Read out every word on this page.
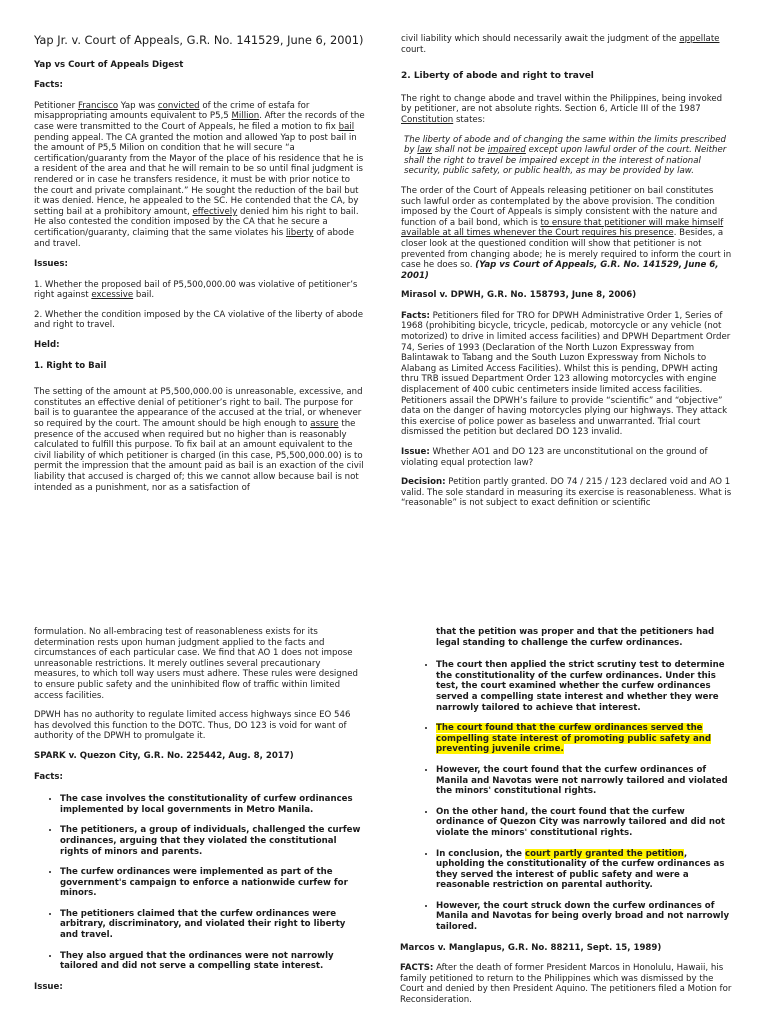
Yap Jr. v. Court of Appeals, G.R. No. 141529, June 6, 2001)
Yap vs Court of Appeals Digest
Facts:

Petitioner Francisco Yap was convicted of the crime of estafa for misappropriating amounts equivalent to P5,5 Million. After the records of the case were transmitted to the Court of Appeals, he filed a motion to fix bail pending appeal. The CA granted the motion and allowed Yap to post bail in the amount of P5,5 Milion on condition that he will secure “a certification/guaranty from the Mayor of the place of his residence that he is a resident of the area and that he will remain to be so until final judgment is rendered or in case he transfers residence, it must be with prior notice to the court and private complainant.” He sought the reduction of the bail but it was denied. Hence, he appealed to the SC. He contended that the CA, by setting bail at a prohibitory amount, effectively denied him his right to bail. He also contested the condition imposed by the CA that he secure a certification/guaranty, claiming that the same violates his liberty of abode and travel.

Issues:

1. Whether the proposed bail of P5,500,000.00 was violative of petitioner’s right against excessive bail.

2. Whether the condition imposed by the CA violative of the liberty of abode and right to travel.

Held:
1. Right to Bail

The setting of the amount at P5,500,000.00 is unreasonable, excessive, and constitutes an effective denial of petitioner’s right to bail. The purpose for bail is to guarantee the appearance of the accused at the trial, or whenever so required by the court. The amount should be high enough to assure the presence of the accused when required but no higher than is reasonably calculated to fulfill this purpose. To fix bail at an amount equivalent to the civil liability of which petitioner is charged (in this case, P5,500,000.00) is to permit the impression that the amount paid as bail is an exaction of the civil liability that accused is charged of; this we cannot allow because bail is not intended as a punishment, nor as a satisfaction of

civil liability which should necessarily await the judgment of the appellate court.

2. Liberty of abode and right to travel

The right to change abode and travel within the Philippines, being invoked by petitioner, are not absolute rights. Section 6, Article III of the 1987 Constitution states:

The liberty of abode and of changing the same within the limits prescribed by law shall not be impaired except upon lawful order of the court. Neither shall the right to travel be impaired except in the interest of national security, public safety, or public health, as may be provided by law.

The order of the Court of Appeals releasing petitioner on bail constitutes such lawful order as contemplated by the above provision. The condition imposed by the Court of Appeals is simply consistent with the nature and function of a bail bond, which is to ensure that petitioner will make himself available at all times whenever the Court requires his presence. Besides, a closer look at the questioned condition will show that petitioner is not prevented from changing abode; he is merely required to inform the court in case he does so. (Yap vs Court of Appeals, G.R. No. 141529, June 6, 2001)

Mirasol v. DPWH, G.R. No. 158793, June 8, 2006)

Facts: Petitioners filed for TRO for DPWH Administrative Order 1, Series of 1968 (prohibiting bicycle, tricycle, pedicab, motorcycle or any vehicle (not motorized) to drive in limited access facilities) and DPWH Department Order 74, Series of 1993 (Declaration of the North Luzon Expressway from Balintawak to Tabang and the South Luzon Expressway from Nichols to Alabang as Limited Access Facilities). Whilst this is pending, DPWH acting thru TRB issued Department Order 123 allowing motorcycles with engine displacement of 400 cubic centimeters inside limited access facilities. Petitioners assail the DPWH’s failure to provide “scientific” and “objective” data on the danger of having motorcycles plying our highways. They attack this exercise of police power as baseless and unwarranted. Trial court dismissed the petition but declared DO 123 invalid.

Issue: Whether AO1 and DO 123 are unconstitutional on the ground of violating equal protection law?

Decision: Petition partly granted. DO 74 / 215 / 123 declared void and AO 1 valid. The sole standard in measuring its exercise is reasonableness. What is “reasonable” is not subject to exact definition or scientific

formulation. No all-embracing test of reasonableness exists for its determination rests upon human judgment applied to the facts and circumstances of each particular case. We find that AO 1 does not impose unreasonable restrictions. It merely outlines several precautionary measures, to which toll way users must adhere. These rules were designed to ensure public safety and the uninhibited flow of traffic within limited access facilities.

DPWH has no authority to regulate limited access highways since EO 546 has devolved this function to the DOTC. Thus, DO 123 is void for want of authority of the DPWH to promulgate it.

SPARK v. Quezon City, G.R. No. 225442, Aug. 8, 2017)
Facts:
• The case involves the constitutionality of curfew ordinances implemented by local governments in Metro Manila.
• The petitioners, a group of individuals, challenged the curfew ordinances, arguing that they violated the constitutional rights of minors and parents.
• The curfew ordinances were implemented as part of the government's campaign to enforce a nationwide curfew for minors.
• The petitioners claimed that the curfew ordinances were arbitrary, discriminatory, and violated their right to liberty and travel.
• They also argued that the ordinances were not narrowly tailored and did not serve a compelling state interest.
Issue:

that the petition was proper and that the petitioners had legal standing to challenge the curfew ordinances.

• The court then applied the strict scrutiny test to determine the constitutionality of the curfew ordinances. Under this test, the court examined whether the curfew ordinances served a compelling state interest and whether they were narrowly tailored to achieve that interest.
• The court found that the curfew ordinances served the compelling state interest of promoting public safety and preventing juvenile crime.
• However, the court found that the curfew ordinances of Manila and Navotas were not narrowly tailored and violated the minors' constitutional rights.
• On the other hand, the court found that the curfew ordinance of Quezon City was narrowly tailored and did not violate the minors' constitutional rights.
• In conclusion, the court partly granted the petition, upholding the constitutionality of the curfew ordinances as they served the interest of public safety and were a reasonable restriction on parental authority.
• However, the court struck down the curfew ordinances of Manila and Navotas for being overly broad and not narrowly tailored.
Marcos v. Manglapus, G.R. No. 88211, Sept. 15, 1989)

FACTS: After the death of former President Marcos in Honolulu, Hawaii, his family petitioned to return to the Philippines which was dismissed by the Court and denied by then President Aquino. The petitioners filed a Motion for Reconsideration.
